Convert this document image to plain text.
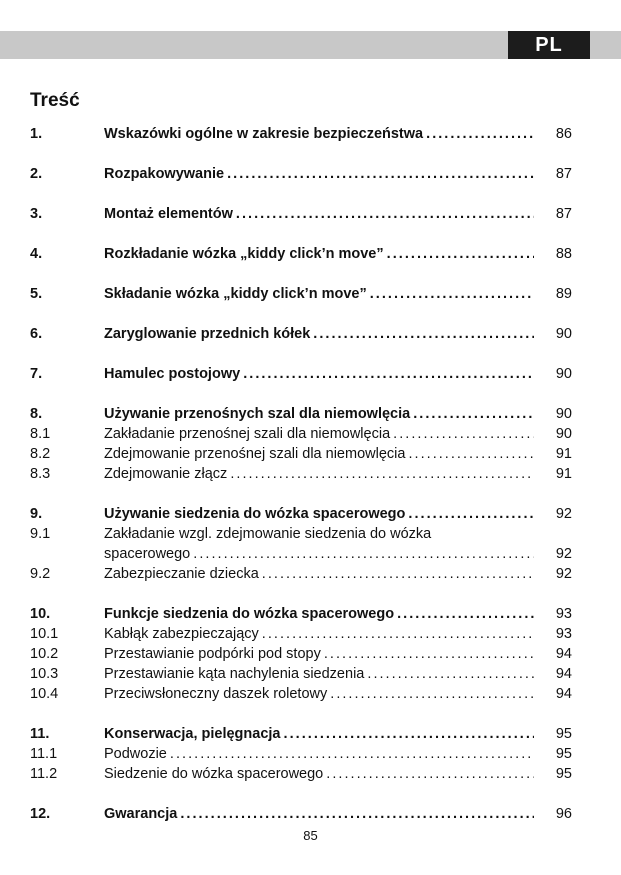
PL
Treść
1.	Wskazówki ogólne w zakresie bezpieczeństwa . . .	86
2.	Rozpakowywanie . . .	87
3.	Montaż elementów . . .	87
4.	Rozkładanie wózka „kiddy click’n move” . . .	88
5.	Składanie wózka „kiddy click’n move” . . .	89
6.	Zaryglowanie przednich kółek . . .	90
7.	Hamulec postojowy . . .	90
8.	Używanie przenośnych szal dla niemowlęcia . . .	90
8.1	Zakładanie przenośnej szali dla niemowlęcia . . .	90
8.2	Zdejmowanie przenośnej szali dla niemowlęcia . . .	91
8.3	Zdejmowanie złącz . . .	91
9.	Używanie siedzenia do wózka spacerowego . . .	92
9.1	Zakładanie wzgl. zdejmowanie siedzenia do wózka
spacerowego . . .	92
9.2	Zabezpieczanie dziecka . . .	92
10.	Funkcje siedzenia do wózka spacerowego . . .	93
10.1	Kabłąk zabezpieczający . . .	93
10.2	Przestawianie podpórki pod stopy . . .	94
10.3	Przestawianie kąta nachylenia siedzenia . . .	94
10.4	Przeciwsłoneczny daszek roletowy . . .	94
11.	Konserwacja, pielęgnacja . . .	95
11.1	Podwozie . . .	95
11.2	Siedzenie do wózka spacerowego . . .	95
12.	Gwarancja . . .	96
85
